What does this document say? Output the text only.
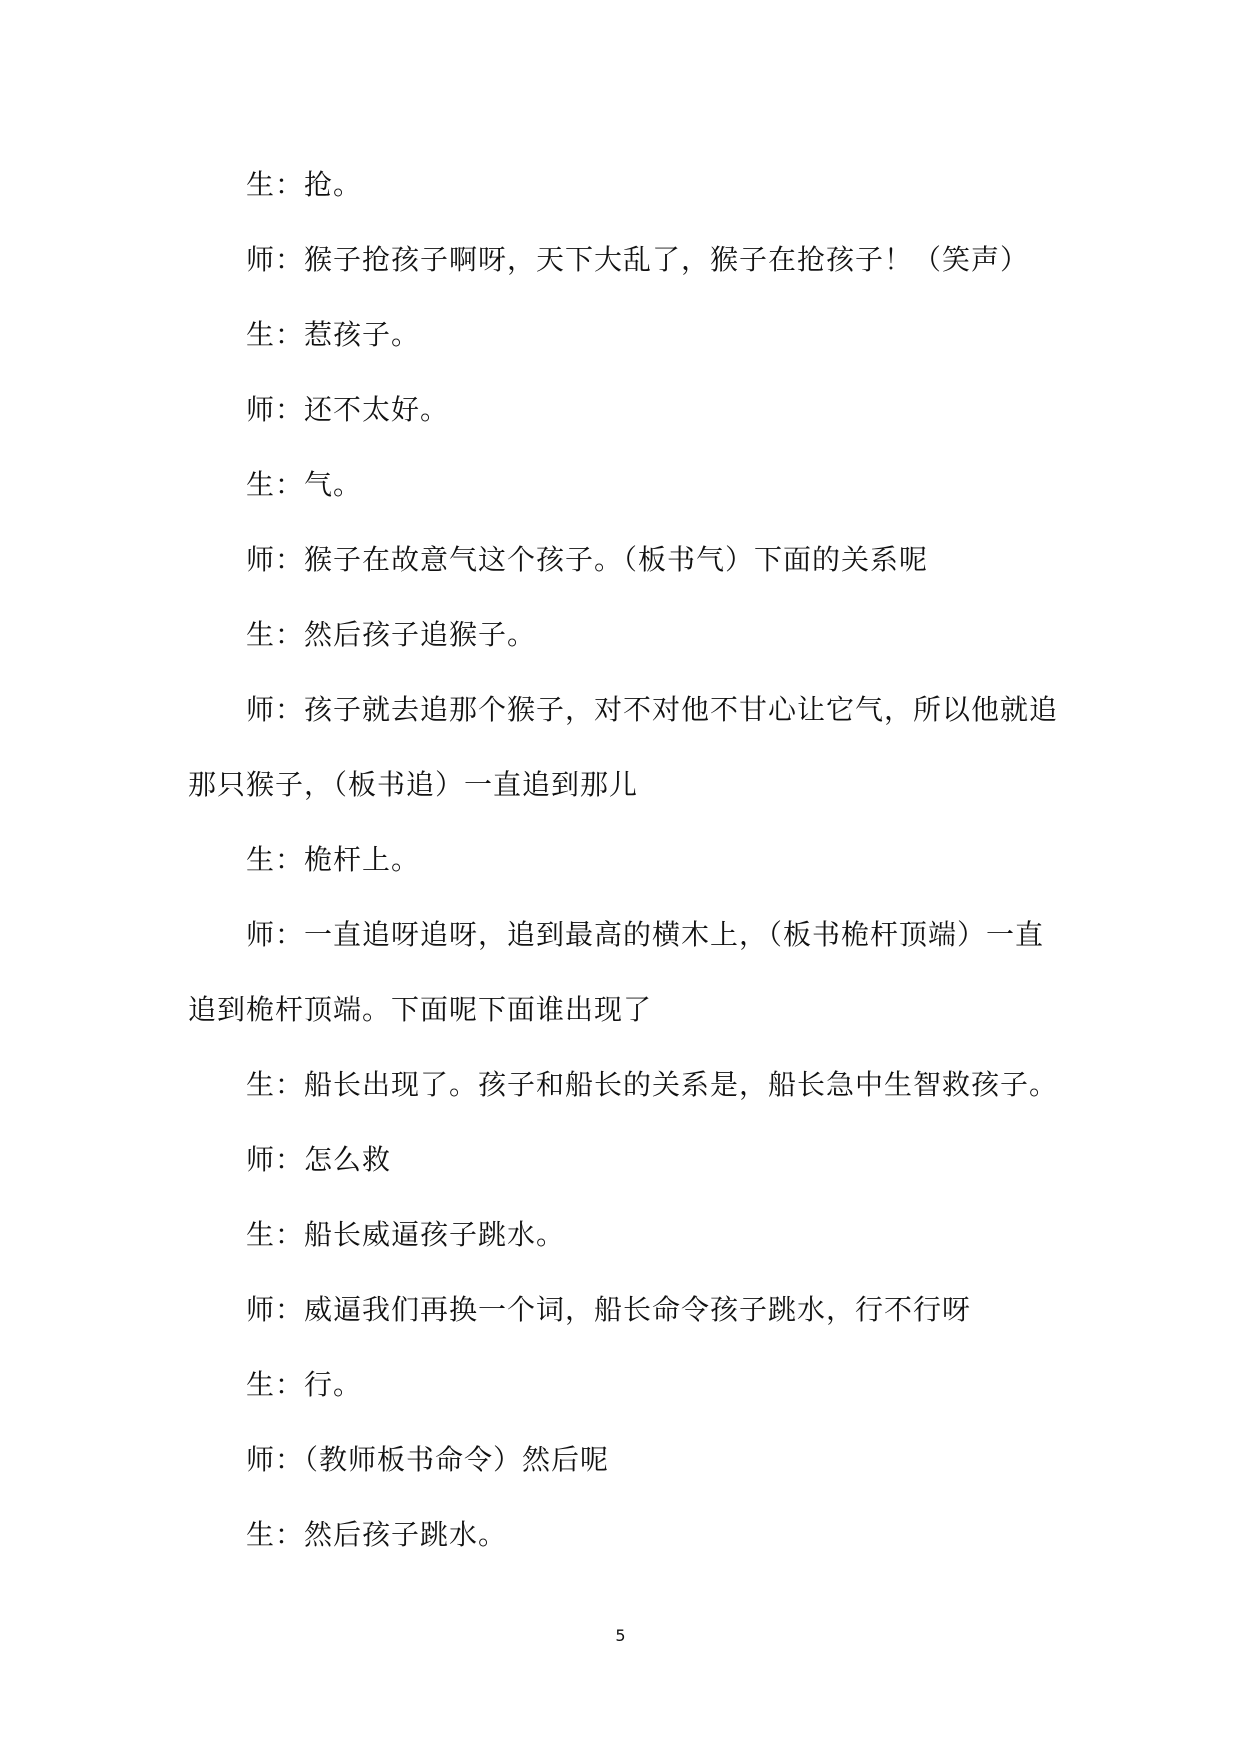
生：抢。

师：猴子抢孩子啊呀，天下大乱了，猴子在抢孩子！（笑声）

生：惹孩子。

师：还不太好。

生：气。

师：猴子在故意气这个孩子。（板书气）下面的关系呢

生：然后孩子追猴子。

师：孩子就去追那个猴子，对不对他不甘心让它气，所以他就追那只猴子，（板书追）一直追到那儿

生：桅杆上。

师：一直追呀追呀，追到最高的横木上，（板书桅杆顶端）一直追到桅杆顶端。下面呢下面谁出现了

生：船长出现了。孩子和船长的关系是，船长急中生智救孩子。

师：怎么救

生：船长威逼孩子跳水。

师：威逼我们再换一个词，船长命令孩子跳水，行不行呀

生：行。

师：（教师板书命令）然后呢

生：然后孩子跳水。

5
